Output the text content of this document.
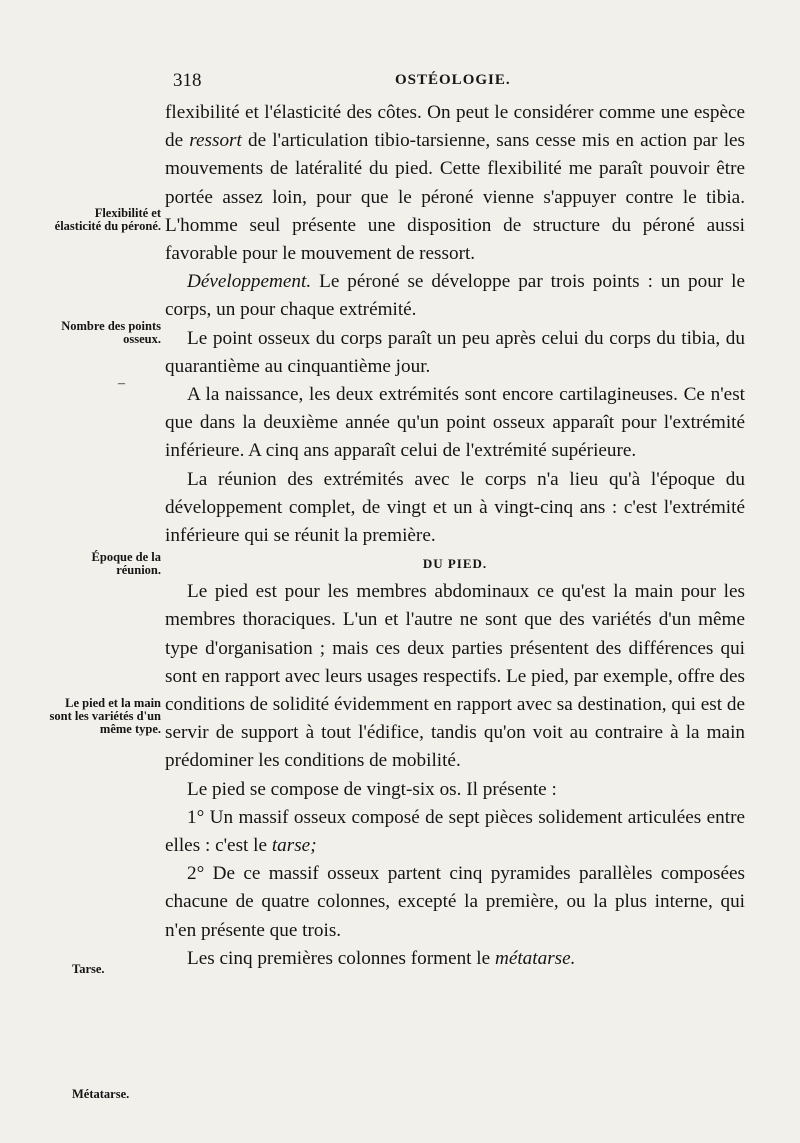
318	OSTÉOLOGIE.
Flexibilité et élasticité du péroné.
Nombre des points osseux.
–
Époque de la réunion.
Le pied et la main sont les variétés d'un même type.
Tarse.
Métatarse.

flexibilité et l'élasticité des côtes. On peut le considérer comme une espèce de ressort de l'articulation tibio-tarsienne, sans cesse mis en action par les mouvements de latéralité du pied. Cette flexibilité me paraît pouvoir être portée assez loin, pour que le péroné vienne s'appuyer contre le tibia. L'homme seul présente une disposition de structure du péroné aussi favorable pour le mouvement de ressort.

Développement. Le péroné se développe par trois points : un pour le corps, un pour chaque extrémité.

Le point osseux du corps paraît un peu après celui du corps du tibia, du quarantième au cinquantième jour.

A la naissance, les deux extrémités sont encore cartilagineuses. Ce n'est que dans la deuxième année qu'un point osseux apparaît pour l'extrémité inférieure. A cinq ans apparaît celui de l'extrémité supérieure.

La réunion des extrémités avec le corps n'a lieu qu'à l'époque du développement complet, de vingt et un à vingt-cinq ans : c'est l'extrémité inférieure qui se réunit la première.

DU PIED.

Le pied est pour les membres abdominaux ce qu'est la main pour les membres thoraciques. L'un et l'autre ne sont que des variétés d'un même type d'organisation ; mais ces deux parties présentent des différences qui sont en rapport avec leurs usages respectifs. Le pied, par exemple, offre des conditions de solidité évidemment en rapport avec sa destination, qui est de servir de support à tout l'édifice, tandis qu'on voit au contraire à la main prédominer les conditions de mobilité.

Le pied se compose de vingt-six os. Il présente :

1° Un massif osseux composé de sept pièces solidement articulées entre elles : c'est le tarse;

2° De ce massif osseux partent cinq pyramides parallèles composées chacune de quatre colonnes, excepté la première, ou la plus interne, qui n'en présente que trois.

Les cinq premières colonnes forment le métatarse.
